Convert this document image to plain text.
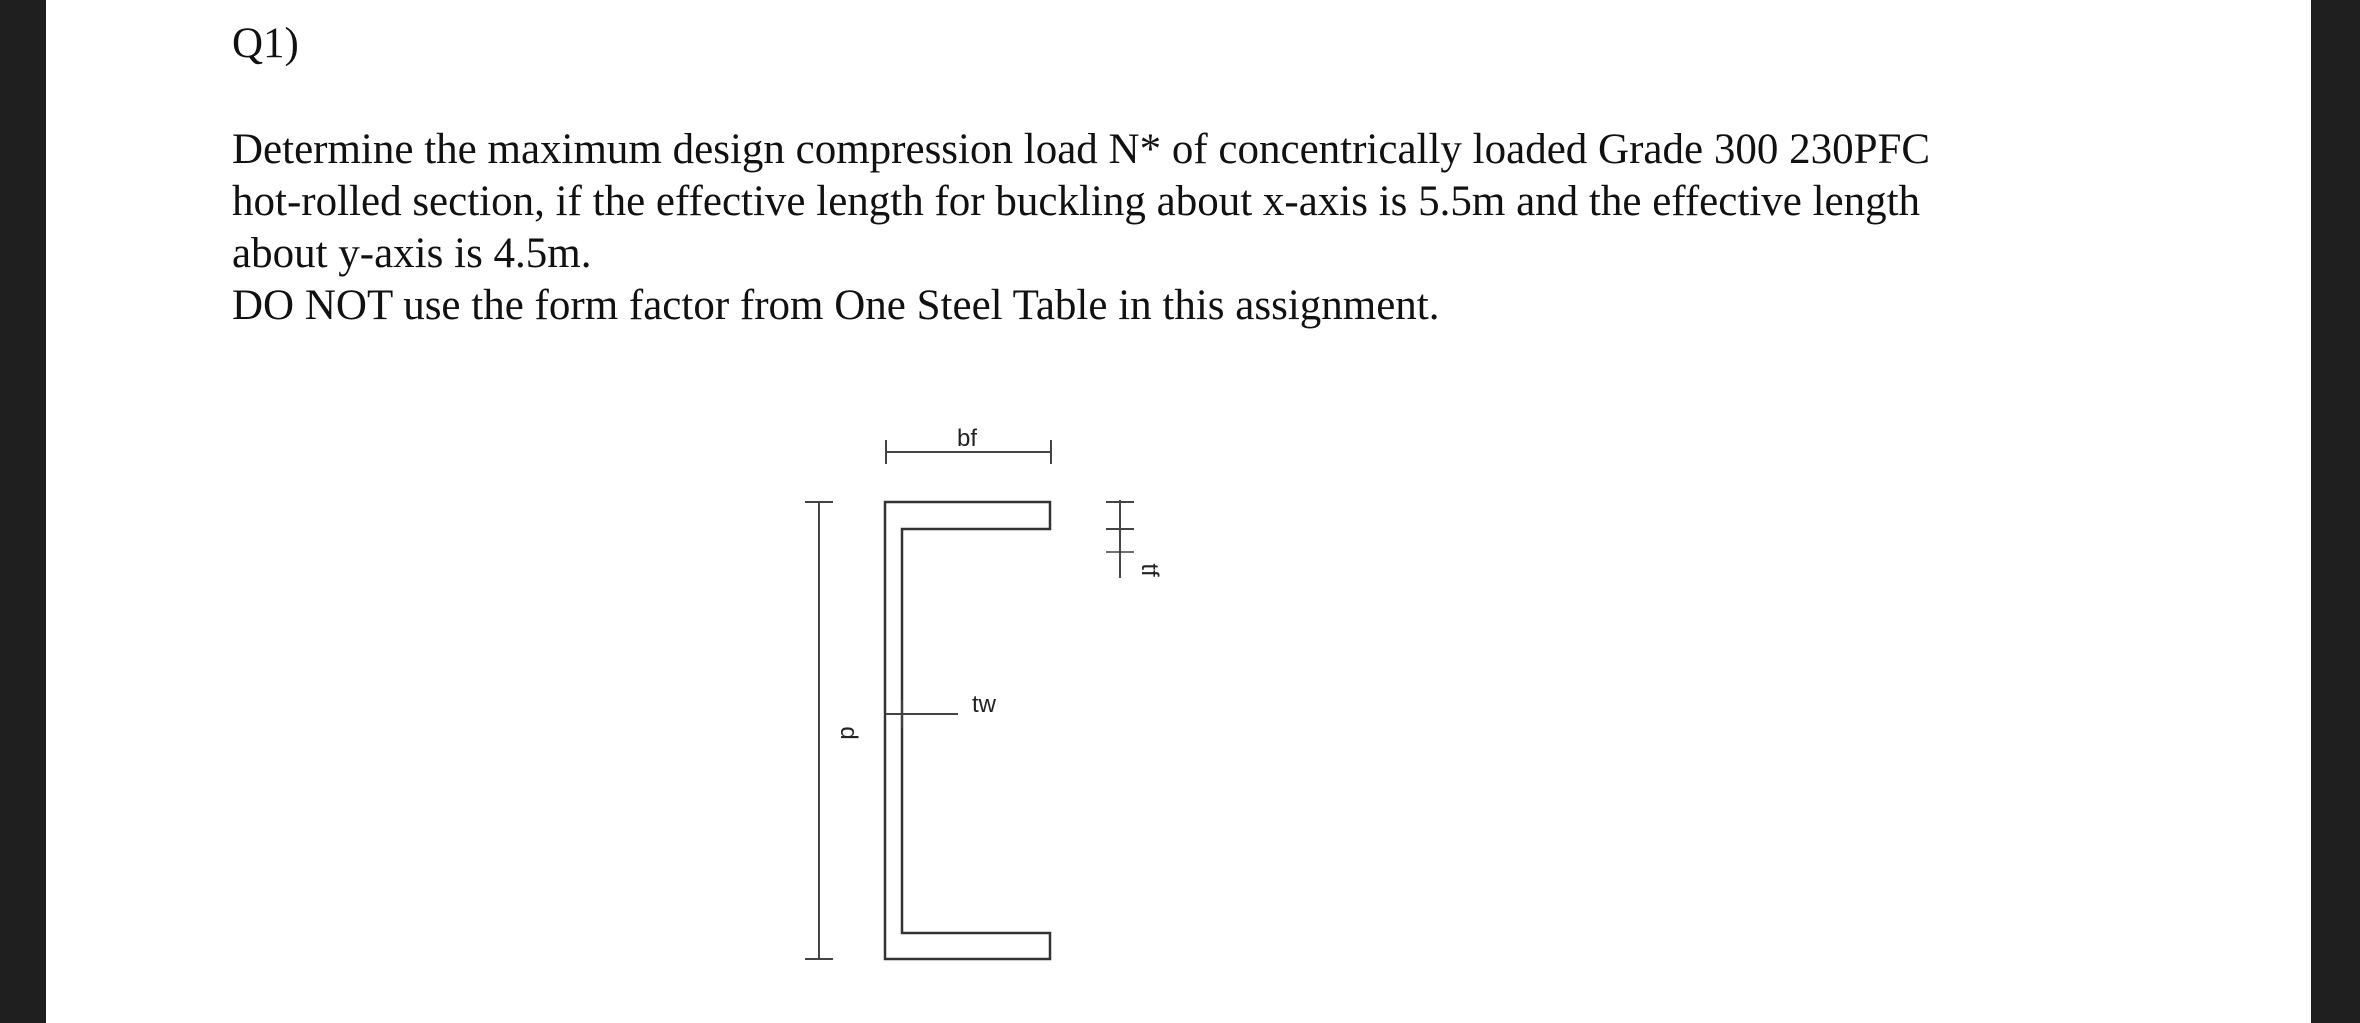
Q1)
Determine the maximum design compression load N* of concentrically loaded Grade 300 230PFC
hot-rolled section, if the effective length for buckling about x-axis is 5.5m and the effective length
about y-axis is 4.5m.
DO NOT use the form factor from One Steel Table in this assignment.
bf
tw
d
tf
